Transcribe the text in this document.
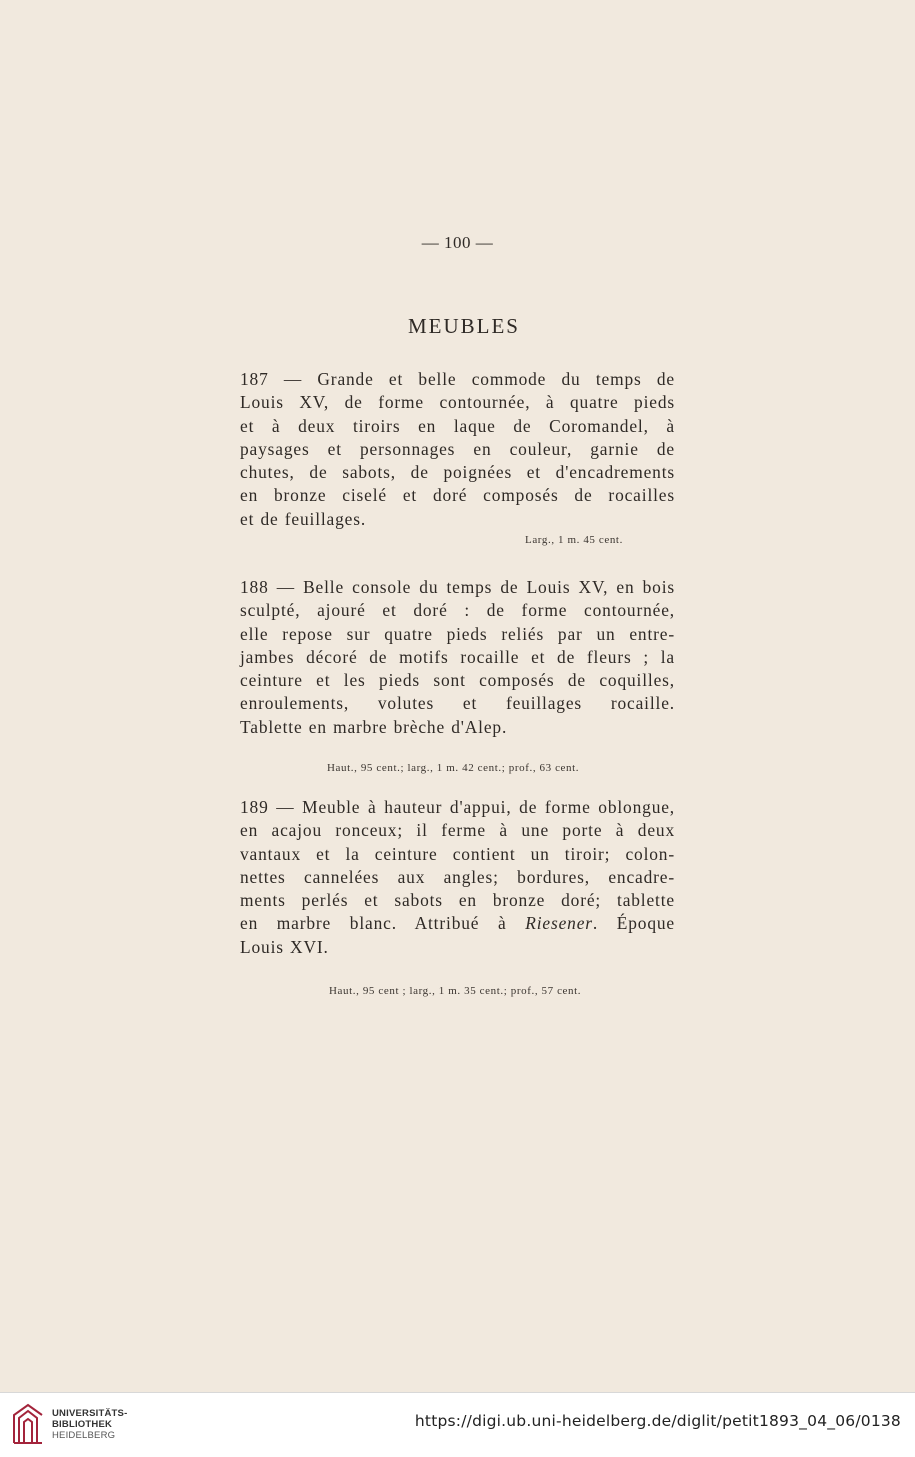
— 100 —
MEUBLES
187 — Grande et belle commode du temps de
Louis XV, de forme contournée, à quatre pieds
et à deux tiroirs en laque de Coromandel, à
paysages et personnages en couleur, garnie de
chutes, de sabots, de poignées et d'encadrements
en bronze ciselé et doré composés de rocailles
et de feuillages.
Larg., 1 m. 45 cent.
188 — Belle console du temps de Louis XV, en bois
sculpté, ajouré et doré : de forme contournée,
elle repose sur quatre pieds reliés par un entre-
jambes décoré de motifs rocaille et de fleurs ; la
ceinture et les pieds sont composés de coquilles,
enroulements, volutes et feuillages rocaille.
Tablette en marbre brèche d'Alep.
Haut., 95 cent.; larg., 1 m. 42 cent.; prof., 63 cent.
189 — Meuble à hauteur d'appui, de forme oblongue,
en acajou ronceux; il ferme à une porte à deux
vantaux et la ceinture contient un tiroir; colon-
nettes cannelées aux angles; bordures, encadre-
ments perlés et sabots en bronze doré; tablette
en marbre blanc. Attribué à Riesener. Époque
Louis XVI.
Haut., 95 cent ; larg., 1 m. 35 cent.; prof., 57 cent.
UNIVERSITÄTS-
BIBLIOTHEK
HEIDELBERG
https://digi.ub.uni-heidelberg.de/diglit/petit1893_04_06/0138
